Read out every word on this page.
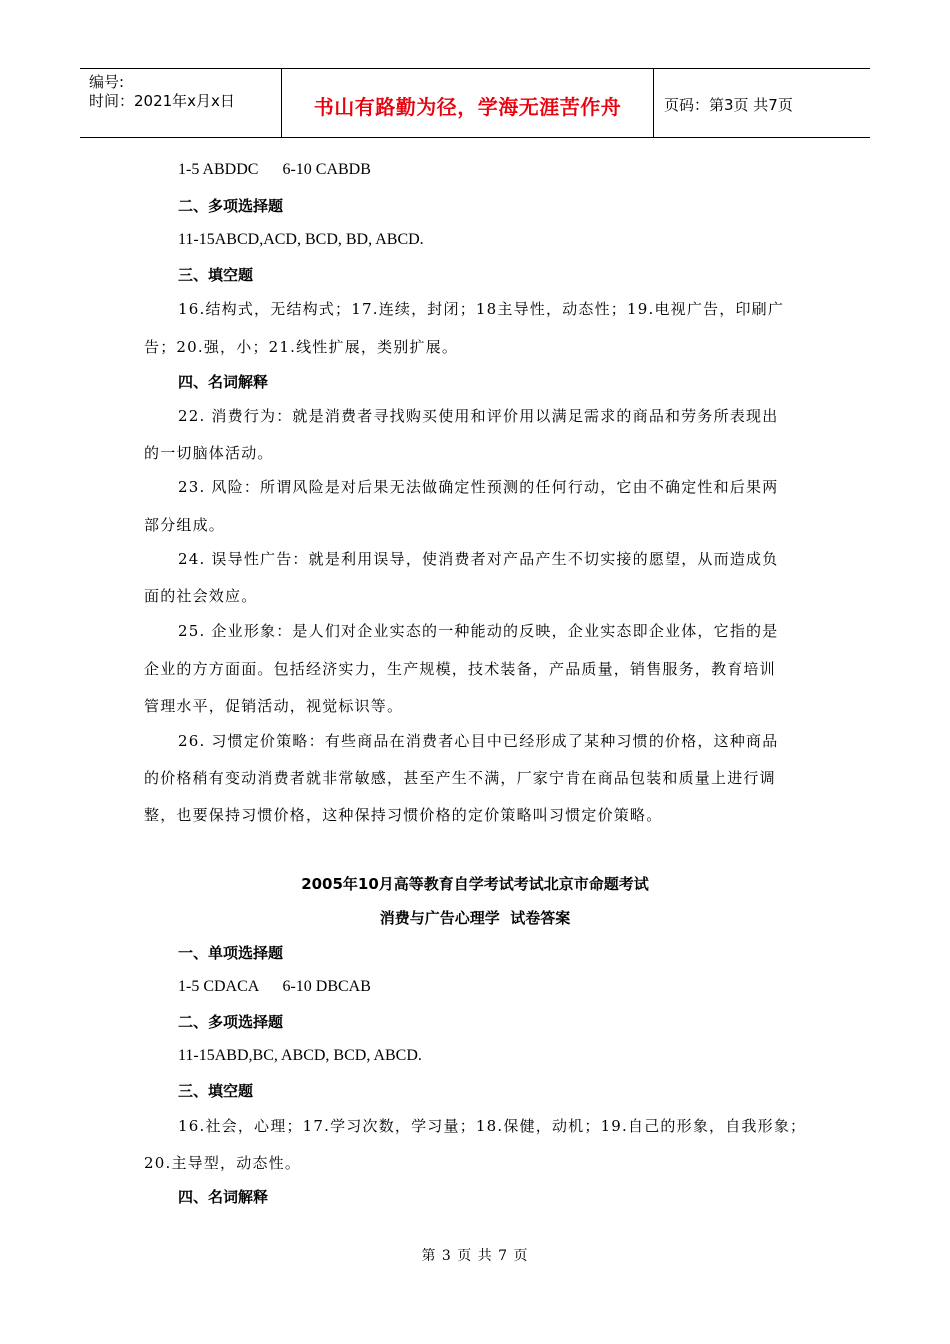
编号:
时间：2021年x月x日	书山有路勤为径，学海无涯苦作舟	页码：第3页 共7页
1-5 ABDDC      6-10 CABDB
二、多项选择题
11-15ABCD,ACD, BCD, BD, ABCD.
三、填空题
16.结构式，无结构式；17.连续，封闭；18主导性，动态性；19.电视广告，印刷广
告；20.强，小；21.线性扩展，类别扩展。
四、名词解释
22. 消费行为：就是消费者寻找购买使用和评价用以满足需求的商品和劳务所表现出
的一切脑体活动。
23. 风险：所谓风险是对后果无法做确定性预测的任何行动，它由不确定性和后果两
部分组成。
24. 误导性广告：就是利用误导，使消费者对产品产生不切实接的愿望，从而造成负
面的社会效应。
25. 企业形象：是人们对企业实态的一种能动的反映，企业实态即企业体，它指的是
企业的方方面面。包括经济实力，生产规模，技术装备，产品质量，销售服务，教育培训
管理水平，促销活动，视觉标识等。
26. 习惯定价策略：有些商品在消费者心目中已经形成了某种习惯的价格，这种商品
的价格稍有变动消费者就非常敏感，甚至产生不满，厂家宁肯在商品包装和质量上进行调
整，也要保持习惯价格，这种保持习惯价格的定价策略叫习惯定价策略。
2005年10月高等教育自学考试考试北京市命题考试
消费与广告心理学  试卷答案
一、单项选择题
1-5 CDACA      6-10 DBCAB
二、多项选择题
11-15ABD,BC, ABCD, BCD, ABCD.
三、填空题
16.社会，心理；17.学习次数，学习量；18.保健，动机；19.自己的形象，自我形象；
20.主导型，动态性。
四、名词解释
第 3 页 共 7 页
